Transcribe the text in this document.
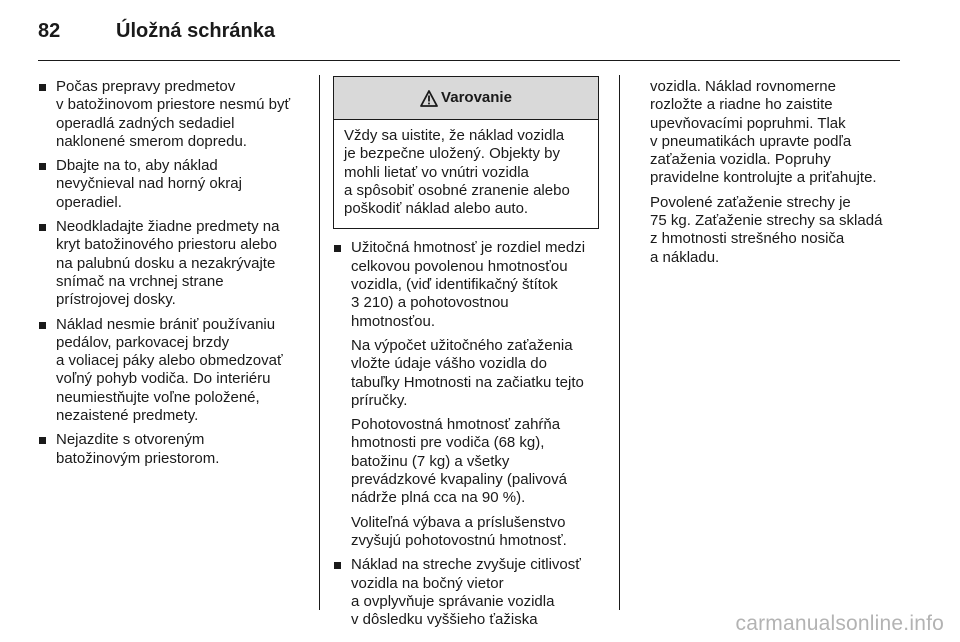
82	Úložná schránka
Počas prepravy predmetov
v batožinovom priestore nesmú byť
operadlá zadných sedadiel
naklonené smerom dopredu.
Dbajte na to, aby náklad
nevyčnieval nad horný okraj
operadiel.
Neodkladajte žiadne predmety na
kryt batožinového priestoru alebo
na palubnú dosku a nezakrývajte
snímač na vrchnej strane
prístrojovej dosky.
Náklad nesmie brániť používaniu
pedálov, parkovacej brzdy
a voliacej páky alebo obmedzovať
voľný pohyb vodiča. Do interiéru
neumiestňujte voľne položené,
nezaistené predmety.
Nejazdite s otvoreným
batožinovým priestorom.
Varovanie
Vždy sa uistite, že náklad vozidla
je bezpečne uložený. Objekty by
mohli lietať vo vnútri vozidla
a spôsobiť osobné zranenie alebo
poškodiť náklad alebo auto.
Užitočná hmotnosť je rozdiel medzi
celkovou povolenou hmotnosťou
vozidla, (viď identifikačný štítok
3 210) a pohotovostnou
hmotnosťou.
Na výpočet užitočného zaťaženia
vložte údaje vášho vozidla do
tabuľky Hmotnosti na začiatku tejto
príručky.
Pohotovostná hmotnosť zahŕňa
hmotnosti pre vodiča (68 kg),
batožinu (7 kg) a všetky
prevádzkové kvapaliny (palivová
nádrže plná cca na 90 %).
Voliteľná výbava a príslušenstvo
zvyšujú pohotovostnú hmotnosť.
Náklad na streche zvyšuje citlivosť
vozidla na bočný vietor
a ovplyvňuje správanie vozidla
v dôsledku vyššieho ťažiska
vozidla. Náklad rovnomerne
rozložte a riadne ho zaistite
upevňovacími popruhmi. Tlak
v pneumatikách upravte podľa
zaťaženia vozidla. Popruhy
pravidelne kontrolujte a priťahujte.
Povolené zaťaženie strechy je
75 kg. Zaťaženie strechy sa skladá
z hmotnosti strešného nosiča
a nákladu.
carmanualsonline.info
